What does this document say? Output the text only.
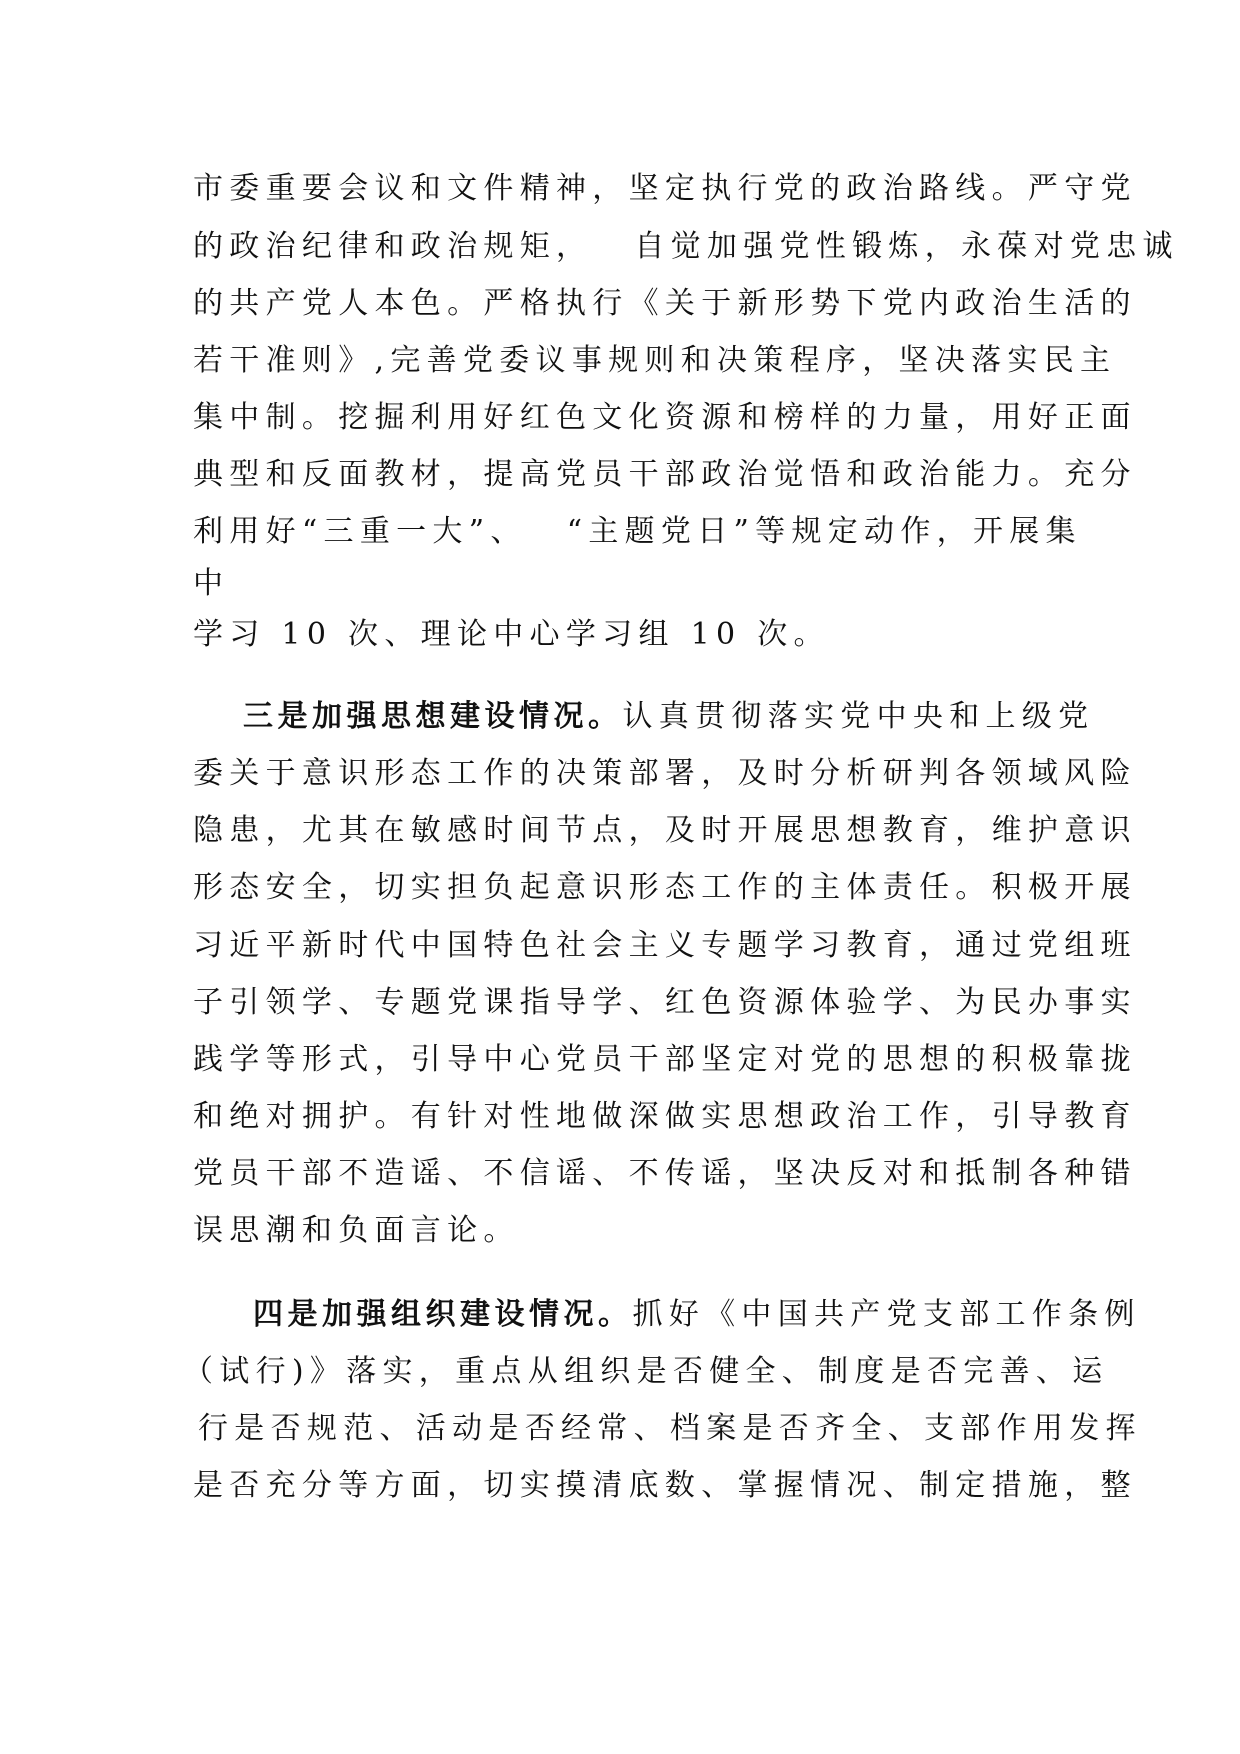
市委重要会议和文件精神，坚定执行党的政治路线。严守党
的政治纪律和政治规矩， 自觉加强党性锻炼，永葆对党忠诚
的共产党人本色。严格执行《关于新形势下党内政治生活的
若干准则》,完善党委议事规则和决策程序，坚决落实民主
集中制。挖掘利用好红色文化资源和榜样的力量，用好正面
典型和反面教材，提高党员干部政治觉悟和政治能力。充分
利用好“三重一大”、 “主题党日”等规定动作，开展集
中
学习 10 次、理论中心学习组 10 次。
三是加强思想建设情况。认真贯彻落实党中央和上级党
委关于意识形态工作的决策部署，及时分析研判各领域风险
隐患，尤其在敏感时间节点，及时开展思想教育，维护意识
形态安全，切实担负起意识形态工作的主体责任。积极开展
习近平新时代中国特色社会主义专题学习教育，通过党组班
子引领学、专题党课指导学、红色资源体验学、为民办事实
践学等形式，引导中心党员干部坚定对党的思想的积极靠拢
和绝对拥护。有针对性地做深做实思想政治工作，引导教育
党员干部不造谣、不信谣、不传谣，坚决反对和抵制各种错
误思潮和负面言论。
四是加强组织建设情况。抓好《中国共产党支部工作条例
（试行)》落实，重点从组织是否健全、制度是否完善、运
行是否规范、活动是否经常、档案是否齐全、支部作用发挥
是否充分等方面，切实摸清底数、掌握情况、制定措施，整
